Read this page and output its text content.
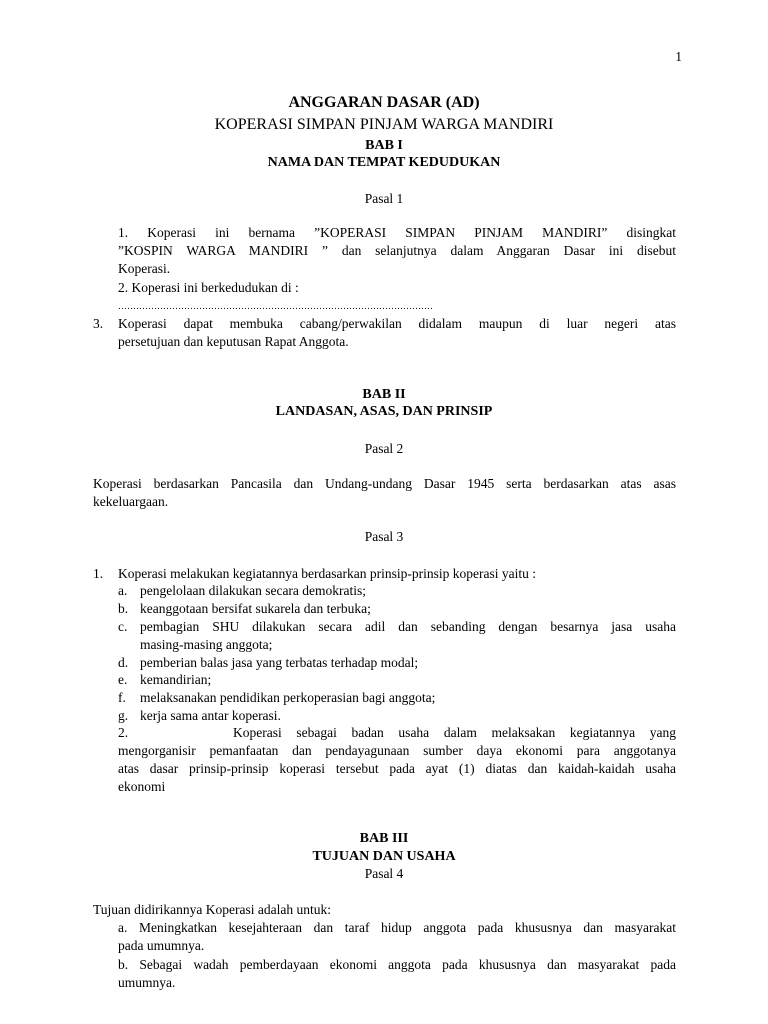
1
ANGGARAN DASAR (AD)
KOPERASI SIMPAN PINJAM WARGA MANDIRI
BAB I
NAMA DAN TEMPAT KEDUDUKAN
Pasal 1
1. Koperasi ini bernama ”KOPERASI SIMPAN PINJAM MANDIRI” disingkat
”KOSPIN WARGA MANDIRI ” dan selanjutnya dalam Anggaran Dasar ini disebut
Koperasi.
2. Koperasi ini berkedudukan di :
……………………………………………………………………………………………
3. Koperasi dapat membuka cabang/perwakilan didalam maupun di luar negeri atas
persetujuan dan keputusan Rapat Anggota.
BAB II
LANDASAN, ASAS, DAN PRINSIP
Pasal 2
Koperasi berdasarkan Pancasila dan Undang-undang Dasar 1945 serta berdasarkan atas asas
kekeluargaan.
Pasal 3
1. Koperasi melakukan kegiatannya berdasarkan prinsip-prinsip koperasi yaitu :
a. pengelolaan dilakukan secara demokratis;
b. keanggotaan bersifat sukarela dan terbuka;
c. pembagian SHU dilakukan secara adil dan sebanding dengan besarnya jasa usaha
masing-masing anggota;
d. pemberian balas jasa yang terbatas terhadap modal;
e. kemandirian;
f. melaksanakan pendidikan perkoperasian bagi anggota;
g. kerja sama antar koperasi.
2.	Koperasi sebagai badan usaha dalam melaksakan kegiatannya yang
mengorganisir pemanfaatan dan pendayagunaan sumber daya ekonomi para anggotanya
atas dasar prinsip-prinsip koperasi tersebut pada ayat (1) diatas dan kaidah-kaidah usaha
ekonomi
BAB III
TUJUAN DAN USAHA
Pasal 4
Tujuan didirikannya Koperasi adalah untuk:
a. Meningkatkan kesejahteraan dan taraf hidup anggota pada khususnya dan masyarakat
pada umumnya.
b. Sebagai wadah pemberdayaan ekonomi anggota pada khususnya dan masyarakat pada
umumnya.
